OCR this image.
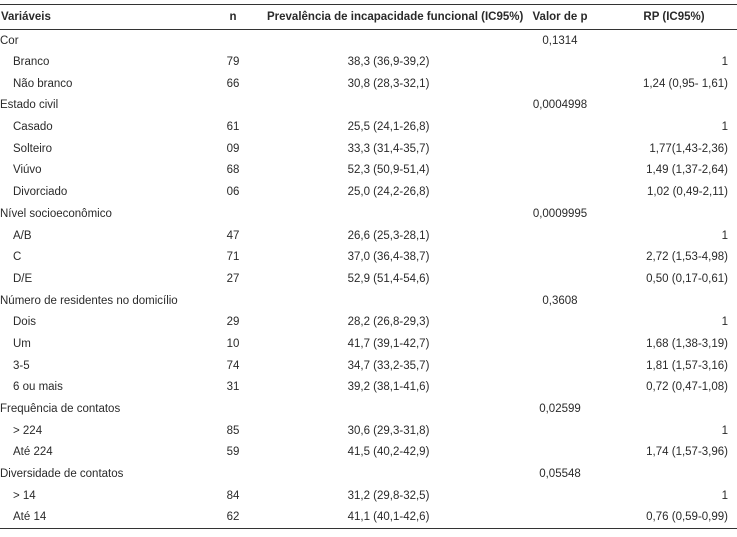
Variáveis	n	Prevalência de incapacidade funcional (IC95%)	Valor de p	RP (IC95%)
Cor			0,1314	
Branco	79	38,3 (36,9-39,2)		1
Não branco	66	30,8 (28,3-32,1)		1,24 (0,95- 1,61)
Estado civil			0,0004998	
Casado	61	25,5 (24,1-26,8)		1
Solteiro	09	33,3 (31,4-35,7)		1,77(1,43-2,36)
Viúvo	68	52,3 (50,9-51,4)		1,49 (1,37-2,64)
Divorciado	06	25,0 (24,2-26,8)		1,02 (0,49-2,11)
Nível socioeconômico			0,0009995	
A/B	47	26,6 (25,3-28,1)		1
C	71	37,0 (36,4-38,7)		2,72 (1,53-4,98)
D/E	27	52,9 (51,4-54,6)		0,50 (0,17-0,61)
Número de residentes no domicílio			0,3608	
Dois	29	28,2 (26,8-29,3)		1
Um	10	41,7 (39,1-42,7)		1,68 (1,38-3,19)
3-5	74	34,7 (33,2-35,7)		1,81 (1,57-3,16)
6 ou mais	31	39,2 (38,1-41,6)		0,72 (0,47-1,08)
Frequência de contatos			0,02599	
> 224	85	30,6 (29,3-31,8)		1
Até 224	59	41,5 (40,2-42,9)		1,74 (1,57-3,96)
Diversidade de contatos			0,05548	
> 14	84	31,2 (29,8-32,5)		1
Até 14	62	41,1 (40,1-42,6)		0,76 (0,59-0,99)
